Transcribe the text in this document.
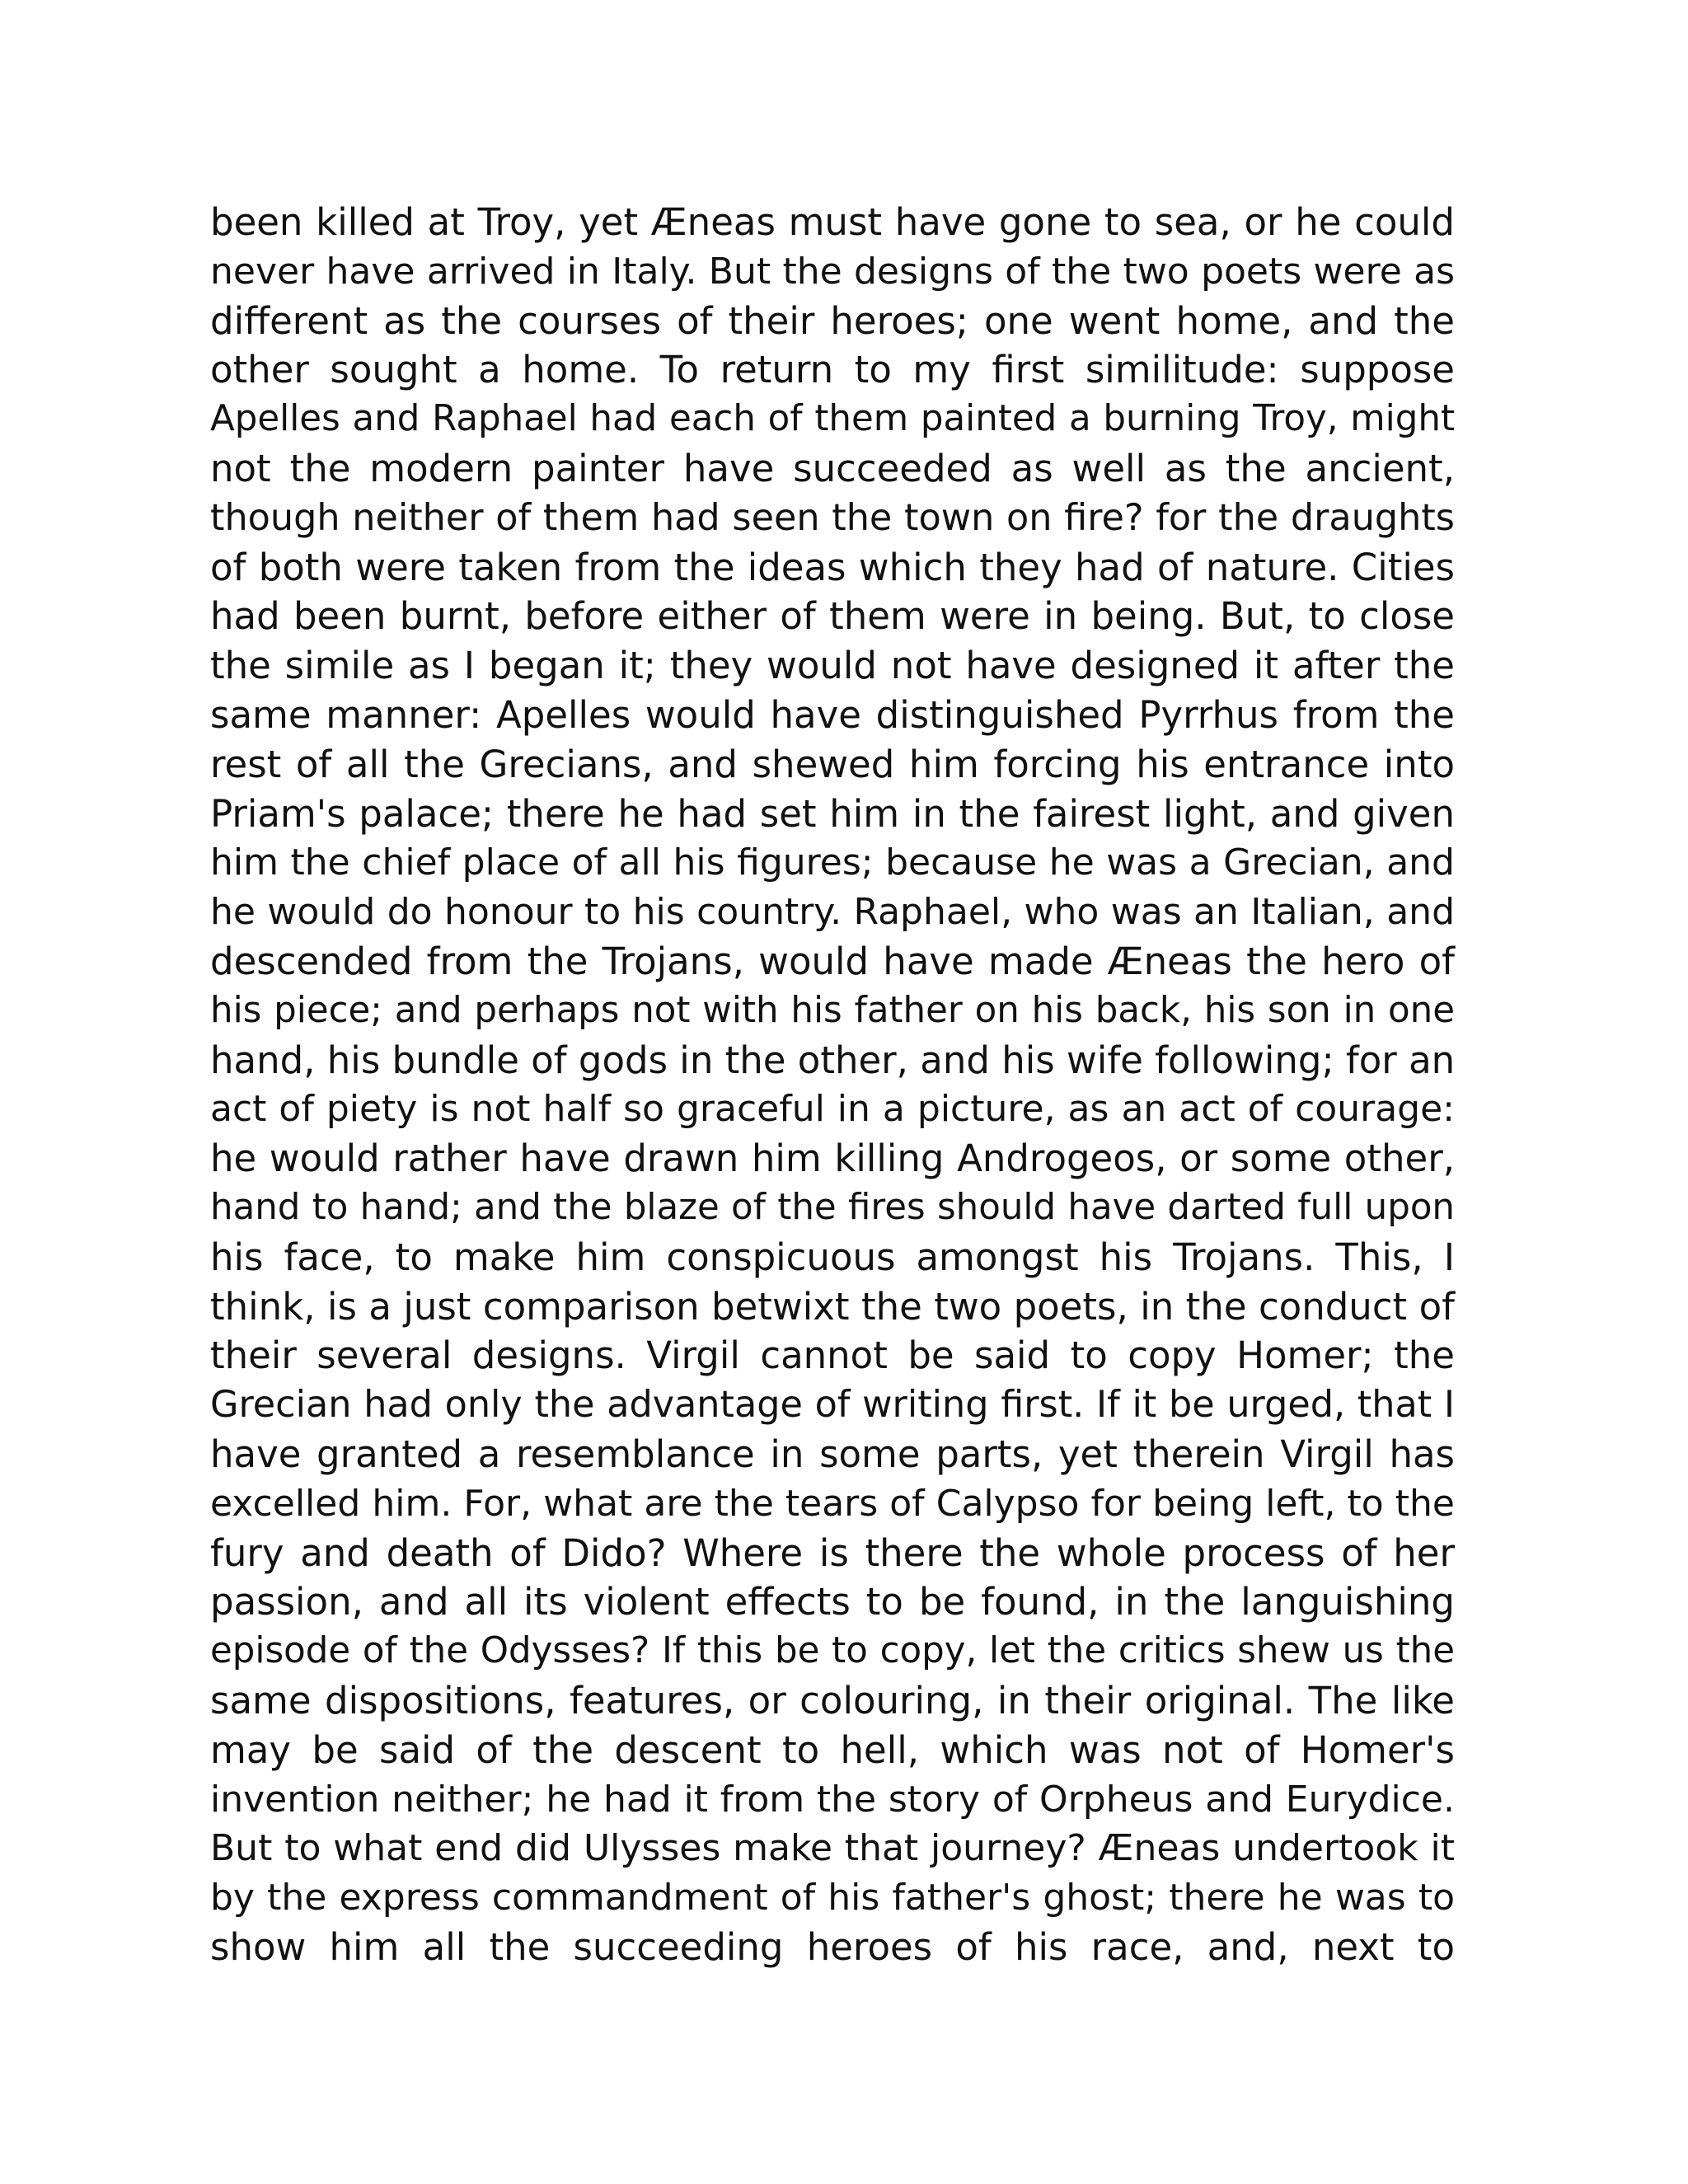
been killed at Troy, yet Æneas must have gone to sea, or he could
never have arrived in Italy. But the designs of the two poets were as
different as the courses of their heroes; one went home, and the
other sought a home. To return to my first similitude: suppose
Apelles and Raphael had each of them painted a burning Troy, might
not the modern painter have succeeded as well as the ancient,
though neither of them had seen the town on fire? for the draughts
of both were taken from the ideas which they had of nature. Cities
had been burnt, before either of them were in being. But, to close
the simile as I began it; they would not have designed it after the
same manner: Apelles would have distinguished Pyrrhus from the
rest of all the Grecians, and shewed him forcing his entrance into
Priam's palace; there he had set him in the fairest light, and given
him the chief place of all his figures; because he was a Grecian, and
he would do honour to his country. Raphael, who was an Italian, and
descended from the Trojans, would have made Æneas the hero of
his piece; and perhaps not with his father on his back, his son in one
hand, his bundle of gods in the other, and his wife following; for an
act of piety is not half so graceful in a picture, as an act of courage:
he would rather have drawn him killing Androgeos, or some other,
hand to hand; and the blaze of the fires should have darted full upon
his face, to make him conspicuous amongst his Trojans. This, I
think, is a just comparison betwixt the two poets, in the conduct of
their several designs. Virgil cannot be said to copy Homer; the
Grecian had only the advantage of writing first. If it be urged, that I
have granted a resemblance in some parts, yet therein Virgil has
excelled him. For, what are the tears of Calypso for being left, to the
fury and death of Dido? Where is there the whole process of her
passion, and all its violent effects to be found, in the languishing
episode of the Odysses? If this be to copy, let the critics shew us the
same dispositions, features, or colouring, in their original. The like
may be said of the descent to hell, which was not of Homer's
invention neither; he had it from the story of Orpheus and Eurydice.
But to what end did Ulysses make that journey? Æneas undertook it
by the express commandment of his father's ghost; there he was to
show him all the succeeding heroes of his race, and, next to
